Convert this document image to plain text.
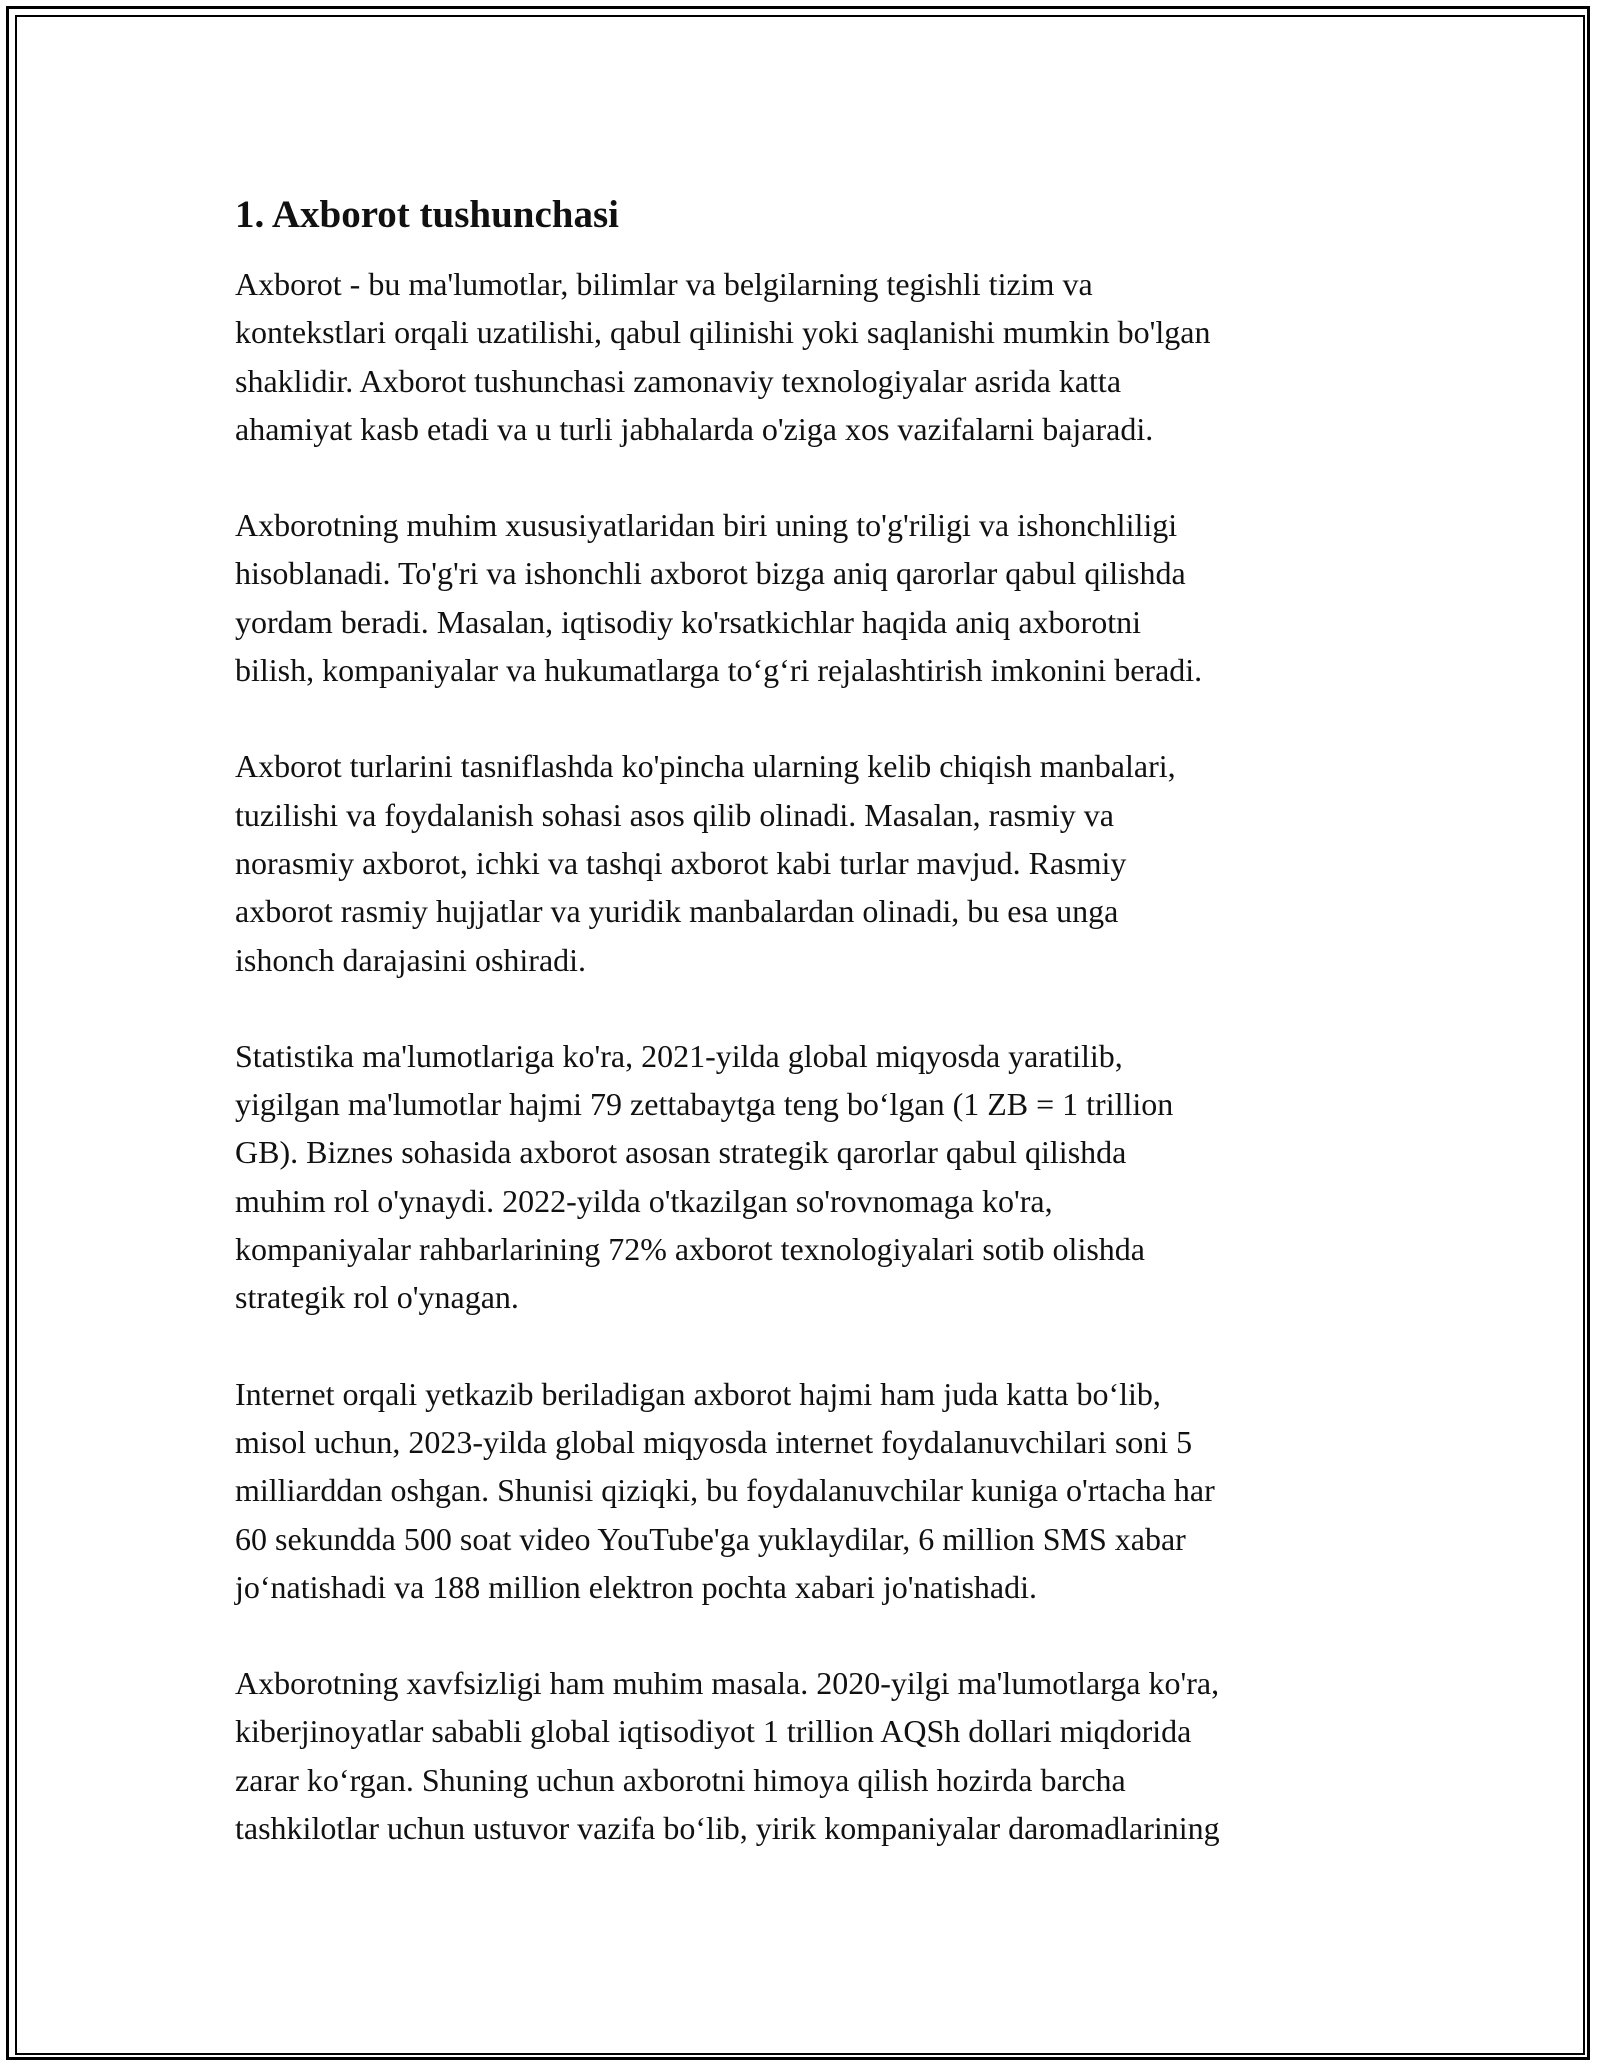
1. Axborot tushunchasi

Axborot - bu ma'lumotlar, bilimlar va belgilarning tegishli tizim va
kontekstlari orqali uzatilishi, qabul qilinishi yoki saqlanishi mumkin bo'lgan
shaklidir. Axborot tushunchasi zamonaviy texnologiyalar asrida katta
ahamiyat kasb etadi va u turli jabhalarda o'ziga xos vazifalarni bajaradi.

Axborotning muhim xususiyatlaridan biri uning to'g'riligi va ishonchliligi
hisoblanadi. To'g'ri va ishonchli axborot bizga aniq qarorlar qabul qilishda
yordam beradi. Masalan, iqtisodiy ko'rsatkichlar haqida aniq axborotni
bilish, kompaniyalar va hukumatlarga to‘g‘ri rejalashtirish imkonini beradi.

Axborot turlarini tasniflashda ko'pincha ularning kelib chiqish manbalari,
tuzilishi va foydalanish sohasi asos qilib olinadi. Masalan, rasmiy va
norasmiy axborot, ichki va tashqi axborot kabi turlar mavjud. Rasmiy
axborot rasmiy hujjatlar va yuridik manbalardan olinadi, bu esa unga
ishonch darajasini oshiradi.

Statistika ma'lumotlariga ko'ra, 2021-yilda global miqyosda yaratilib,
yigilgan ma'lumotlar hajmi 79 zettabaytga teng bo‘lgan (1 ZB = 1 trillion
GB). Biznes sohasida axborot asosan strategik qarorlar qabul qilishda
muhim rol o'ynaydi. 2022-yilda o'tkazilgan so'rovnomaga ko'ra,
kompaniyalar rahbarlarining 72% axborot texnologiyalari sotib olishda
strategik rol o'ynagan.

Internet orqali yetkazib beriladigan axborot hajmi ham juda katta bo‘lib,
misol uchun, 2023-yilda global miqyosda internet foydalanuvchilari soni 5
milliarddan oshgan. Shunisi qiziqki, bu foydalanuvchilar kuniga o'rtacha har
60 sekundda 500 soat video YouTube'ga yuklaydilar, 6 million SMS xabar
jo‘natishadi va 188 million elektron pochta xabari jo'natishadi.

Axborotning xavfsizligi ham muhim masala. 2020-yilgi ma'lumotlarga ko'ra,
kiberjinoyatlar sababli global iqtisodiyot 1 trillion AQSh dollari miqdorida
zarar ko‘rgan. Shuning uchun axborotni himoya qilish hozirda barcha
tashkilotlar uchun ustuvor vazifa bo‘lib, yirik kompaniyalar daromadlarining
